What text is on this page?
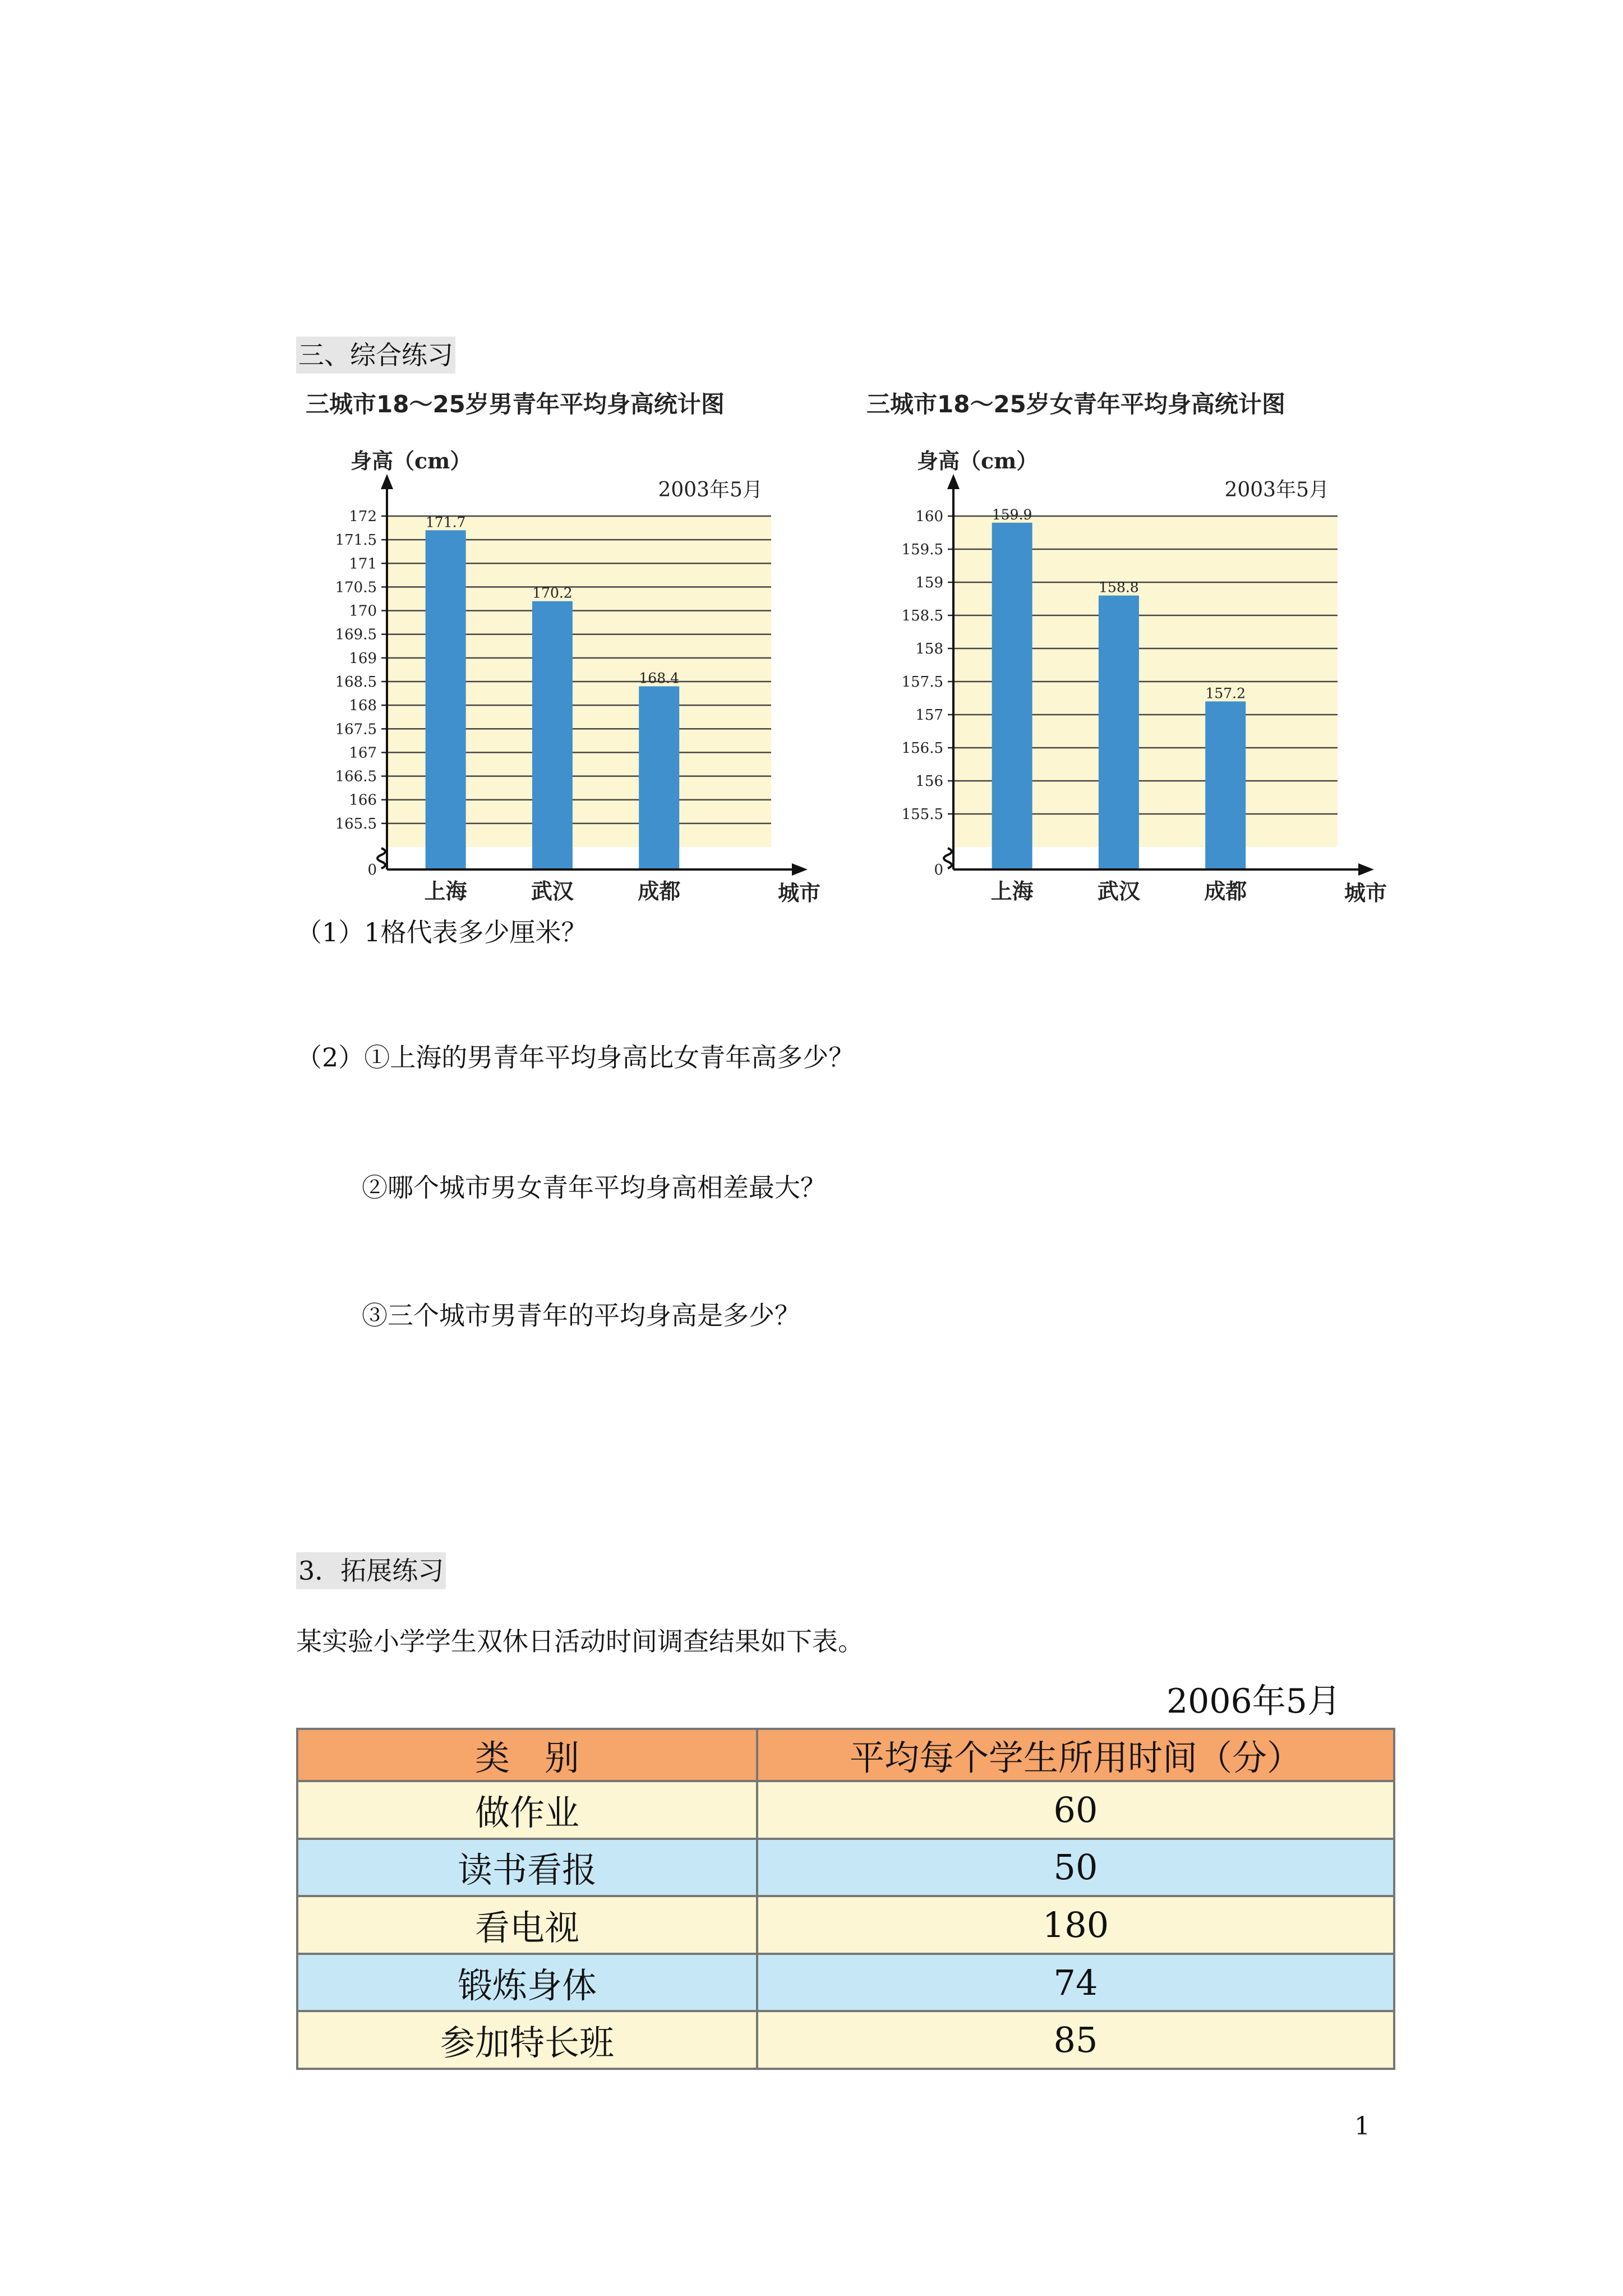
三、综合练习
三城市18～25岁男青年平均身高统计图
172
171.5
171
170.5
170
169.5
169
168.5
168
167.5
167
166.5
166
165.5
0
171.7
上海
170.2
武汉
168.4
成都
身高（cm）
2003年5月
城市
三城市18～25岁女青年平均身高统计图
160
159.5
159
158.5
158
157.5
157
156.5
156
155.5
0
159.9
上海
158.8
武汉
157.2
成都
身高（cm）
2003年5月
城市
（1）1格代表多少厘米？
（2）①上海的男青年平均身高比女青年高多少？
②哪个城市男女青年平均身高相差最大？
③三个城市男青年的平均身高是多少？
3．拓展练习
某实验小学学生双休日活动时间调查结果如下表。
2006年5月
类　别	平均每个学生所用时间（分）
做作业	60
读书看报	50
看电视	180
锻炼身体	74
参加特长班	85
1
